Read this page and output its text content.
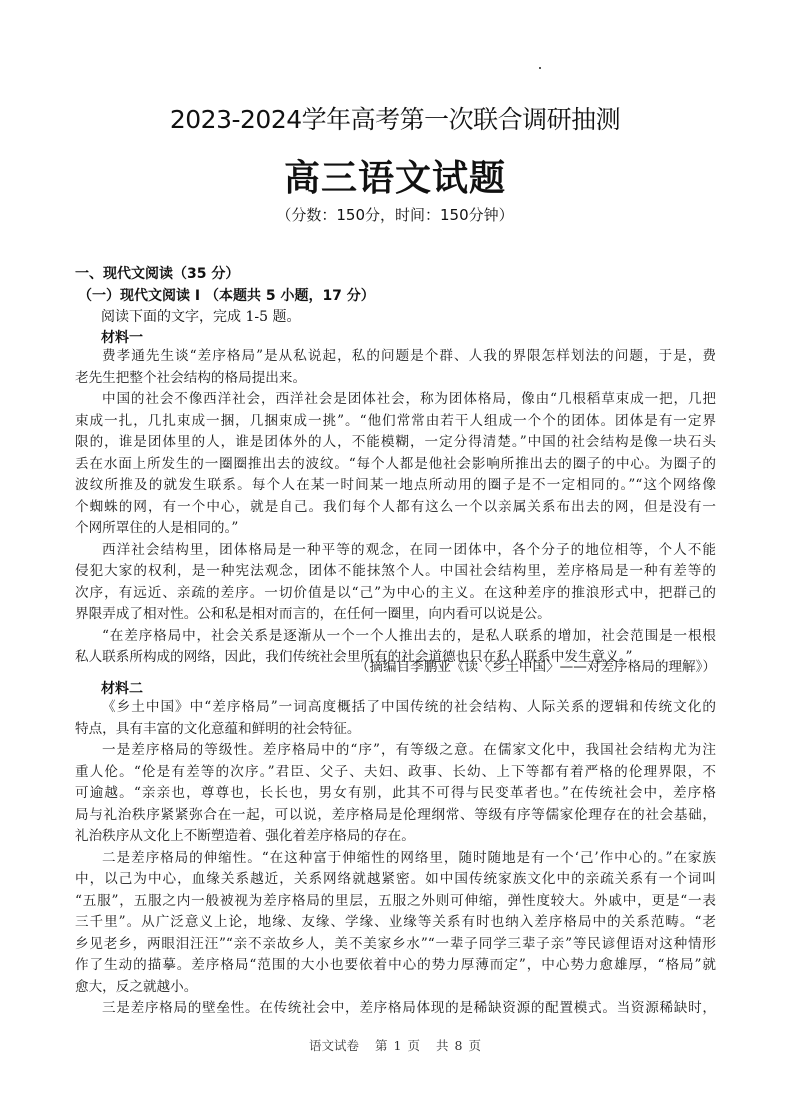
2023-2024学年高考第一次联合调研抽测
高三语文试题
（分数：150分，时间：150分钟）
一、现代文阅读（35 分）
（一）现代文阅读 I （本题共 5 小题，17 分）
阅读下面的文字，完成 1-5 题。
材料一
费孝通先生谈“差序格局”是从私说起，私的问题是个群、人我的界限怎样划法的问题，于是，费
老先生把整个社会结构的格局提出来。
中国的社会不像西洋社会，西洋社会是团体社会，称为团体格局，像由“几根稻草束成一把，几把
束成一扎，几扎束成一捆，几捆束成一挑”。“他们常常由若干人组成一个个的团体。团体是有一定界
限的，谁是团体里的人，谁是团体外的人，不能模糊，一定分得清楚。”中国的社会结构是像一块石头
丢在水面上所发生的一圈圈推出去的波纹。“每个人都是他社会影响所推出去的圈子的中心。为圈子的
波纹所推及的就发生联系。每个人在某一时间某一地点所动用的圈子是不一定相同的。”“这个网络像
个蜘蛛的网，有一个中心，就是自己。我们每个人都有这么一个以亲属关系布出去的网，但是没有一
个网所罩住的人是相同的。”
西洋社会结构里，团体格局是一种平等的观念，在同一团体中，各个分子的地位相等，个人不能
侵犯大家的权利，是一种宪法观念，团体不能抹煞个人。中国社会结构里，差序格局是一种有差等的
次序，有远近、亲疏的差序。一切价值是以“己”为中心的主义。在这种差序的推浪形式中，把群己的
界限弄成了相对性。公和私是相对而言的，在任何一圈里，向内看可以说是公。
“在差序格局中，社会关系是逐渐从一个一个人推出去的，是私人联系的增加，社会范围是一根根
私人联系所构成的网络，因此，我们传统社会里所有的社会道德也只在私人联系中发生意义。”
（摘编自李鹏亚《读〈乡土中国〉——对差序格局的理解》）
材料二
《乡土中国》中“差序格局”一词高度概括了中国传统的社会结构、人际关系的逻辑和传统文化的
特点，具有丰富的文化意蕴和鲜明的社会特征。
一是差序格局的等级性。差序格局中的“序”，有等级之意。在儒家文化中，我国社会结构尤为注
重人伦。“伦是有差等的次序。”君臣、父子、夫妇、政事、长幼、上下等都有着严格的伦理界限，不
可逾越。“亲亲也，尊尊也，长长也，男女有别，此其不可得与民变革者也。”在传统社会中，差序格
局与礼治秩序紧紧弥合在一起，可以说，差序格局是伦理纲常、等级有序等儒家伦理存在的社会基础，
礼治秩序从文化上不断塑造着、强化着差序格局的存在。
二是差序格局的伸缩性。“在这种富于伸缩性的网络里，随时随地是有一个‘己’作中心的。”在家族
中，以己为中心，血缘关系越近，关系网络就越紧密。如中国传统家族文化中的亲疏关系有一个词叫
“五服”，五服之内一般被视为差序格局的里层，五服之外则可伸缩，弹性度较大。外戚中，更是“一表
三千里”。从广泛意义上论，地缘、友缘、学缘、业缘等关系有时也纳入差序格局中的关系范畴。“老
乡见老乡，两眼泪汪汪”“亲不亲故乡人，美不美家乡水”“一辈子同学三辈子亲”等民谚俚语对这种情形
作了生动的描摹。差序格局“范围的大小也要依着中心的势力厚薄而定”，中心势力愈雄厚，“格局”就
愈大，反之就越小。
三是差序格局的壁垒性。在传统社会中，差序格局体现的是稀缺资源的配置模式。当资源稀缺时，
语文试卷 第 1 页 共 8 页
